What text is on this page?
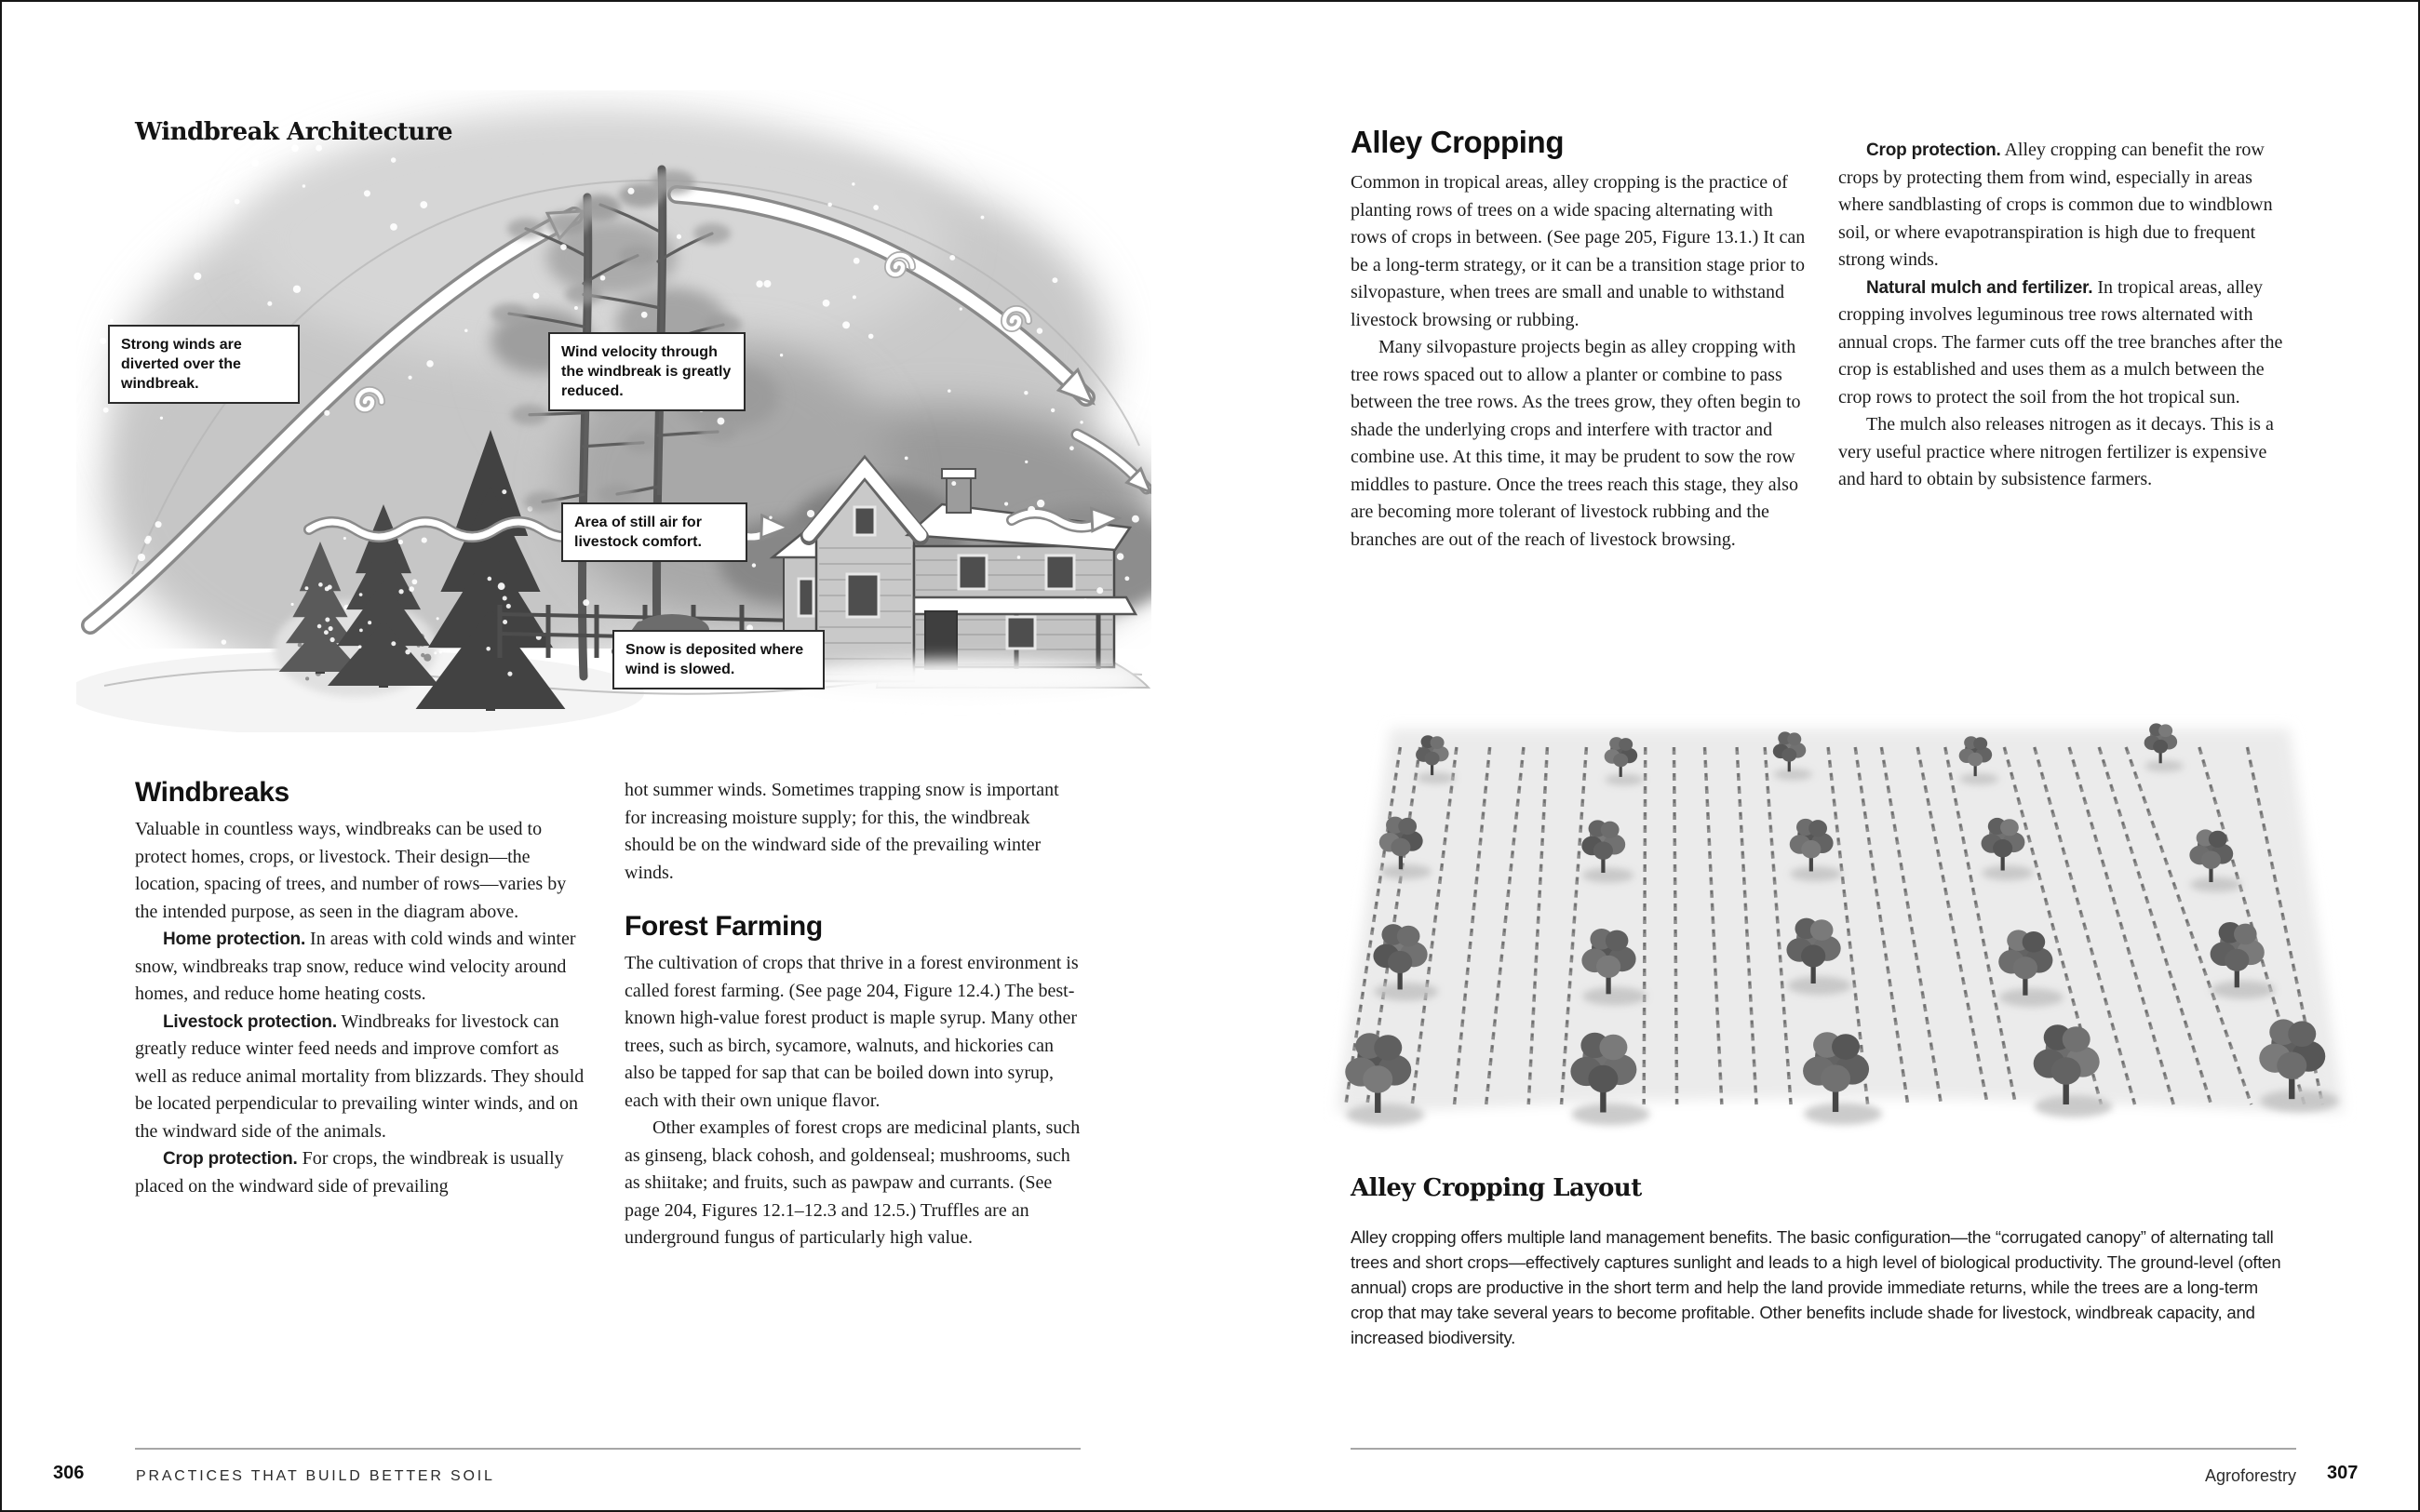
Windbreak Architecture
Strong winds are diverted over the windbreak.
Wind velocity through the windbreak is greatly reduced.
Area of still air for livestock comfort.
Snow is deposited where wind is slowed.
Windbreaks

Valuable in countless ways, windbreaks can be used to protect homes, crops, or livestock. Their design—the location, spacing of trees, and number of rows—varies by the intended purpose, as seen in the diagram above.

Home protection. In areas with cold winds and winter snow, windbreaks trap snow, reduce wind velocity around homes, and reduce home heating costs.

Livestock protection. Windbreaks for livestock can greatly reduce winter feed needs and improve comfort as well as reduce animal mortality from blizzards. They should be located perpendicular to prevailing winter winds, and on the windward side of the animals.

Crop protection. For crops, the windbreak is usually placed on the windward side of prevailing

hot summer winds. Sometimes trapping snow is important for increasing moisture supply; for this, the windbreak should be on the windward side of the prevailing winter winds.

Forest Farming

The cultivation of crops that thrive in a forest environment is called forest farming. (See page 204, Figure 12.4.) The best-known high-value forest product is maple syrup. Many other trees, such as birch, sycamore, walnuts, and hickories can also be tapped for sap that can be boiled down into syrup, each with their own unique flavor.

Other examples of forest crops are medicinal plants, such as ginseng, black cohosh, and goldenseal; mushrooms, such as shiitake; and fruits, such as pawpaw and currants. (See page 204, Figures 12.1–12.3 and 12.5.) Truffles are an underground fungus of particularly high value.

306	PRACTICES THAT BUILD BETTER SOIL
Alley Cropping

Common in tropical areas, alley cropping is the practice of planting rows of trees on a wide spacing alternating with rows of crops in between. (See page 205, Figure 13.1.) It can be a long-term strategy, or it can be a transition stage prior to silvopasture, when trees are small and unable to withstand livestock browsing or rubbing.

Many silvopasture projects begin as alley cropping with tree rows spaced out to allow a planter or combine to pass between the tree rows. As the trees grow, they often begin to shade the underlying crops and interfere with tractor and combine use. At this time, it may be prudent to sow the row middles to pasture. Once the trees reach this stage, they also are becoming more tolerant of livestock rubbing and the branches are out of the reach of livestock browsing.

Crop protection. Alley cropping can benefit the row crops by protecting them from wind, especially in areas where sandblasting of crops is common due to windblown soil, or where evapotranspiration is high due to frequent strong winds.

Natural mulch and fertilizer. In tropical areas, alley cropping involves leguminous tree rows alternated with annual crops. The farmer cuts off the tree branches after the crop is established and uses them as a mulch between the crop rows to protect the soil from the hot tropical sun.

The mulch also releases nitrogen as it decays. This is a very useful practice where nitrogen fertilizer is expensive and hard to obtain by subsistence farmers.

Alley Cropping Layout
Alley cropping offers multiple land management benefits. The basic configuration—the “corrugated canopy” of alternating tall trees and short crops—effectively captures sunlight and leads to a high level of biological productivity. The ground-level (often annual) crops are productive in the short term and help the land provide immediate returns, while the trees are a long-term crop that may take several years to become profitable. Other benefits include shade for livestock, windbreak capacity, and increased biodiversity.
Agroforestry 307
